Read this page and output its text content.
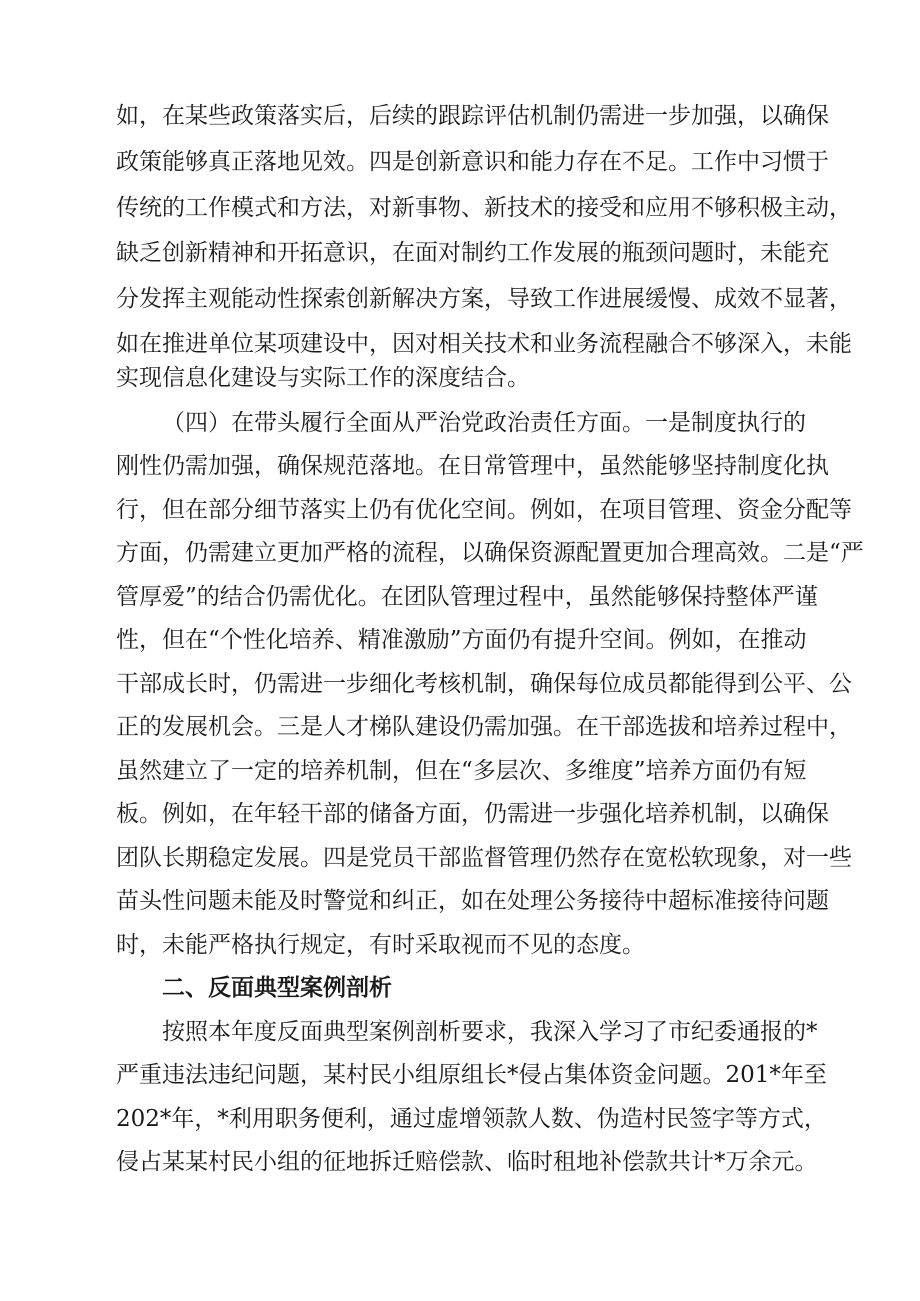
如，在某些政策落实后，后续的跟踪评估机制仍需进一步加强，以确保
政策能够真正落地见效。四是创新意识和能力存在不足。工作中习惯于
传统的工作模式和方法，对新事物、新技术的接受和应用不够积极主动，
缺乏创新精神和开拓意识，在面对制约工作发展的瓶颈问题时，未能充
分发挥主观能动性探索创新解决方案，导致工作进展缓慢、成效不显著，
如在推进单位某项建设中，因对相关技术和业务流程融合不够深入，未能
实现信息化建设与实际工作的深度结合。
（四）在带头履行全面从严治党政治责任方面。一是制度执行的
刚性仍需加强，确保规范落地。在日常管理中，虽然能够坚持制度化执
行，但在部分细节落实上仍有优化空间。例如，在项目管理、资金分配等
方面，仍需建立更加严格的流程，以确保资源配置更加合理高效。二是“严
管厚爱”的结合仍需优化。在团队管理过程中，虽然能够保持整体严谨
性，但在“个性化培养、精准激励”方面仍有提升空间。例如，在推动
干部成长时，仍需进一步细化考核机制，确保每位成员都能得到公平、公
正的发展机会。三是人才梯队建设仍需加强。在干部选拔和培养过程中，
虽然建立了一定的培养机制，但在“多层次、多维度”培养方面仍有短
板。例如，在年轻干部的储备方面，仍需进一步强化培养机制，以确保
团队长期稳定发展。四是党员干部监督管理仍然存在宽松软现象，对一些
苗头性问题未能及时警觉和纠正，如在处理公务接待中超标准接待问题
时，未能严格执行规定，有时采取视而不见的态度。
二、反面典型案例剖析
按照本年度反面典型案例剖析要求，我深入学习了市纪委通报的*
严重违法违纪问题，某村民小组原组长*侵占集体资金问题。201*年至
202*年，*利用职务便利，通过虚增领款人数、伪造村民签字等方式，
侵占某某村民小组的征地拆迁赔偿款、临时租地补偿款共计*万余元。
